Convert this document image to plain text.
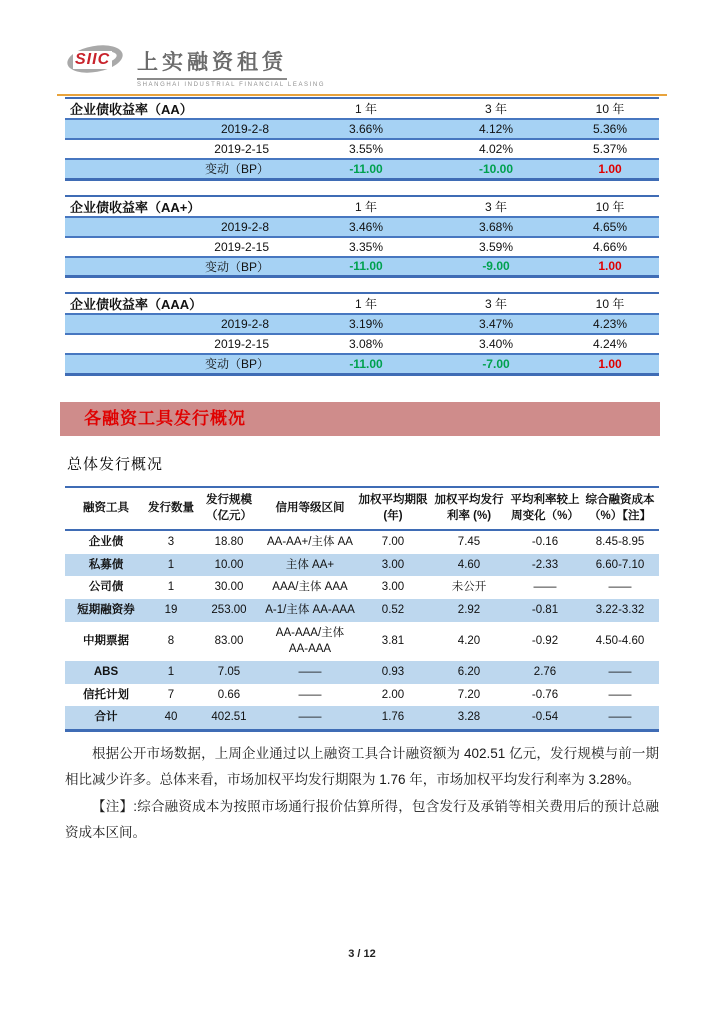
SIIC 上实融资租赁
SHANGHAI INDUSTRIAL FINANCIAL LEASING
企业债收益率（AA）	1 年	3 年	10 年
2019-2-8	3.66%	4.12%	5.36%
2019-2-15	3.55%	4.02%	5.37%
变动（BP）	-11.00	-10.00	1.00
企业债收益率（AA+）	1 年	3 年	10 年
2019-2-8	3.46%	3.68%	4.65%
2019-2-15	3.35%	3.59%	4.66%
变动（BP）	-11.00	-9.00	1.00
企业债收益率（AAA）	1 年	3 年	10 年
2019-2-8	3.19%	3.47%	4.23%
2019-2-15	3.08%	3.40%	4.24%
变动（BP）	-11.00	-7.00	1.00
各融资工具发行概况
总体发行概况
融资工具	发行数量	发行规模（亿元）	信用等级区间	加权平均期限(年)	加权平均发行利率 (%)	平均利率较上周变化（%）	综合融资成本（%）【注】
企业债	3	18.80	AA-AA+/主体 AA	7.00	7.45	-0.16	8.45-8.95
私募债	1	10.00	主体 AA+	3.00	4.60	-2.33	6.60-7.10
公司债	1	30.00	AAA/主体 AAA	3.00	未公开	——	——
短期融资券	19	253.00	A-1/主体 AA-AAA	0.52	2.92	-0.81	3.22-3.32
中期票据	8	83.00	AA-AAA/主体 AA-AAA	3.81	4.20	-0.92	4.50-4.60
ABS	1	7.05	——	0.93	6.20	2.76	——
信托计划	7	0.66	——	2.00	7.20	-0.76	——
合计	40	402.51	——	1.76	3.28	-0.54	——

根据公开市场数据，上周企业通过以上融资工具合计融资额为 402.51 亿元，发行规模与前一期相比减少许多。总体来看，市场加权平均发行期限为 1.76 年，市场加权平均发行利率为 3.28%。

【注】:综合融资成本为按照市场通行报价估算所得，包含发行及承销等相关费用后的预计总融资成本区间。

3 / 12
